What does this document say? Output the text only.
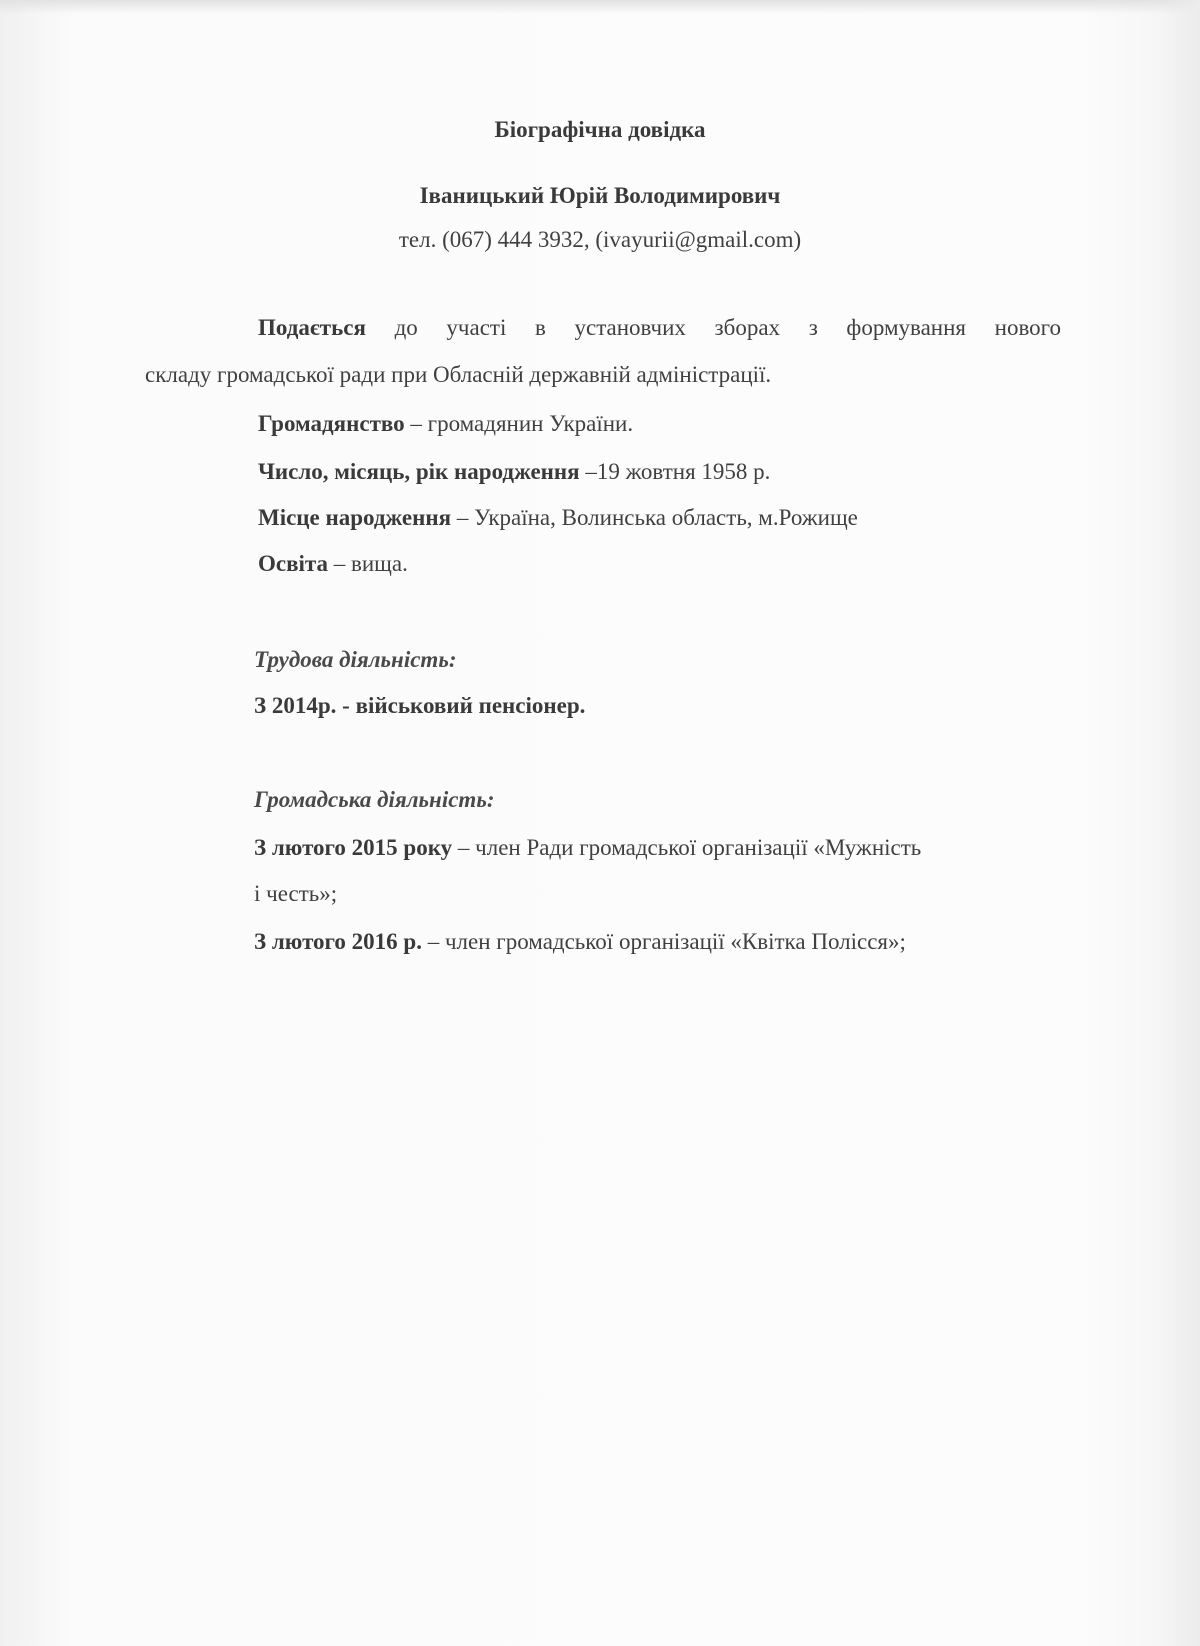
Біографічна довідка
Іваницький Юрій Володимирович
тел. (067) 444 3932, (ivayurii@gmail.com)
Подається до участі в установчих зборах з формування нового
складу громадської ради при Обласній державній адміністрації.
Громадянство – громадянин України.
Число, місяць, рік народження –19 жовтня 1958 р.
Місце народження – Україна, Волинська область, м.Рожище
Освіта – вища.
Трудова діяльність:
З 2014р. - військовий пенсіонер.
Громадська діяльність:
З лютого 2015 року – член Ради громадської організації «Мужність
і честь»;
З лютого 2016 р. – член громадської організації «Квітка Полісся»;
